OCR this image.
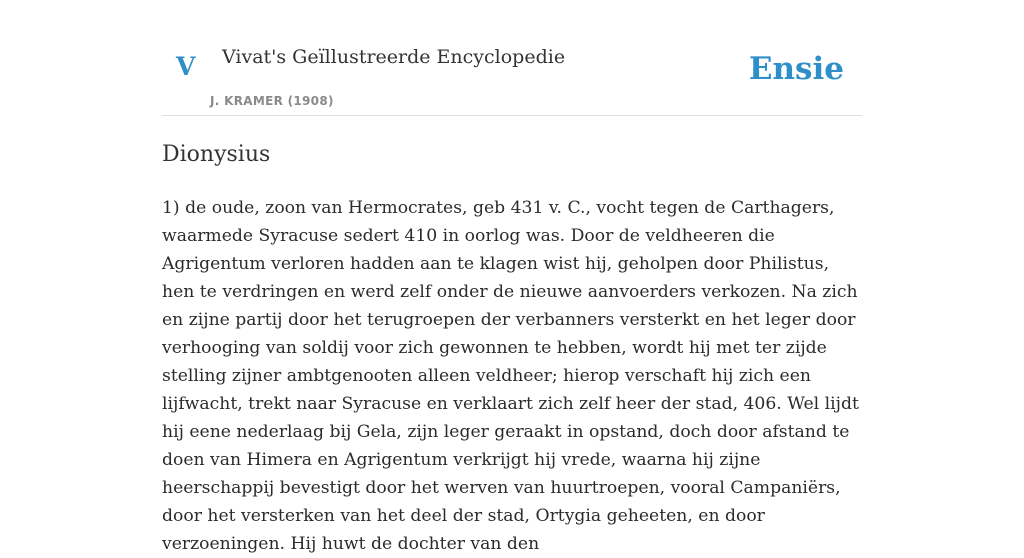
V Vivat's Geïllustreerde Encyclopedie
J. KRAMER (1908)
Ensie
Dionysius

1) de oude, zoon van Hermocrates, geb 431 v. C., vocht tegen de Carthagers, waarmede Syracuse sedert 410 in oorlog was. Door de veldheeren die Agrigentum verloren hadden aan te klagen wist hij, geholpen door Philistus, hen te verdringen en werd zelf onder de nieuwe aanvoerders verkozen. Na zich en zijne partij door het terugroepen der verbanners versterkt en het leger door verhooging van soldij voor zich gewonnen te hebben, wordt hij met ter zijde stelling zijner ambtgenooten alleen veldheer; hierop verschaft hij zich een lijfwacht, trekt naar Syracuse en verklaart zich zelf heer der stad, 406. Wel lijdt hij eene nederlaag bij Gela, zijn leger geraakt in opstand, doch door afstand te doen van Himera en Agrigentum verkrijgt hij vrede, waarna hij zijne heerschappij bevestigt door het werven van huurtroepen, vooral Campaniërs, door het versterken van het deel der stad, Ortygia geheeten, en door verzoeningen. Hij huwt de dochter van den
